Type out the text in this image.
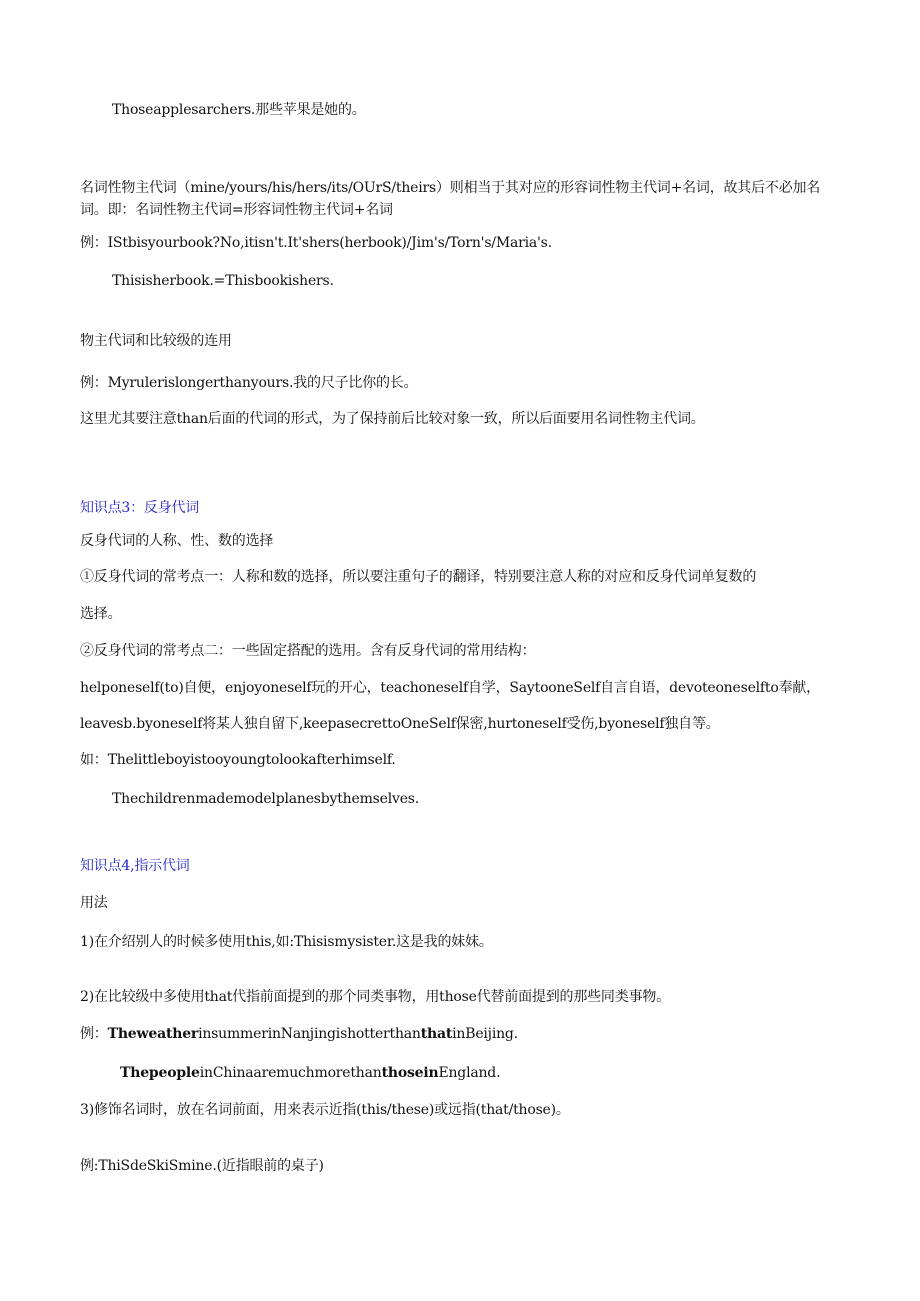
Thoseapplesarchers.那些苹果是她的。
名词性物主代词（mine∕yours∕his∕hers∕its∕OUrS/theirs）则相当于其对应的形容词性物主代词+名词，故其后不必加名
词。即：名词性物主代词=形容词性物主代词+名词
例：IStbisyourbook?No,itisn't.It'shers(herbook)/Jim's/Torn's/Maria's.
Thisisherbook.=Thisbookishers.
物主代词和比较级的连用
例：Myrulerislongerthanyours.我的尺子比你的长。
这里尤其要注意than后面的代词的形式，为了保持前后比较对象一致，所以后面要用名词性物主代词。
知识点3：反身代词
反身代词的人称、性、数的选择
①反身代词的常考点一：人称和数的选择，所以要注重句子的翻译，特别要注意人称的对应和反身代词单复数的
选择。
②反身代词的常考点二：一些固定搭配的选用。含有反身代词的常用结构：
helponeself(to)自便，enjoyoneself玩的开心，teachoneself自学，SaytooneSelf自言自语，devoteoneselfto奉献，
leavesb.byoneself将某人独自留下,keepasecrettoOneSelf保密,hurtoneself受伤,byoneself独自等。
如：Thelittleboyistooyoungtolookafterhimself.
Thechildrenmademodelplanesbythemselves.
知识点4,指示代词
用法
1)在介绍别人的时候多使用this,如:Thisismysister.这是我的妹妹。
2)在比较级中多使用that代指前面提到的那个同类事物，用those代替前面提到的那些同类事物。
例：TheweatherinsummerinNanjingishotterthanthatinBeijing.
ThepeopleinChinaaremuchmorethanthoseinEngland.
3)修饰名词时，放在名词前面，用来表示近指(this/these)或远指(that/those)。
例:ThiSdeSkiSmine.(近指眼前的桌子)
